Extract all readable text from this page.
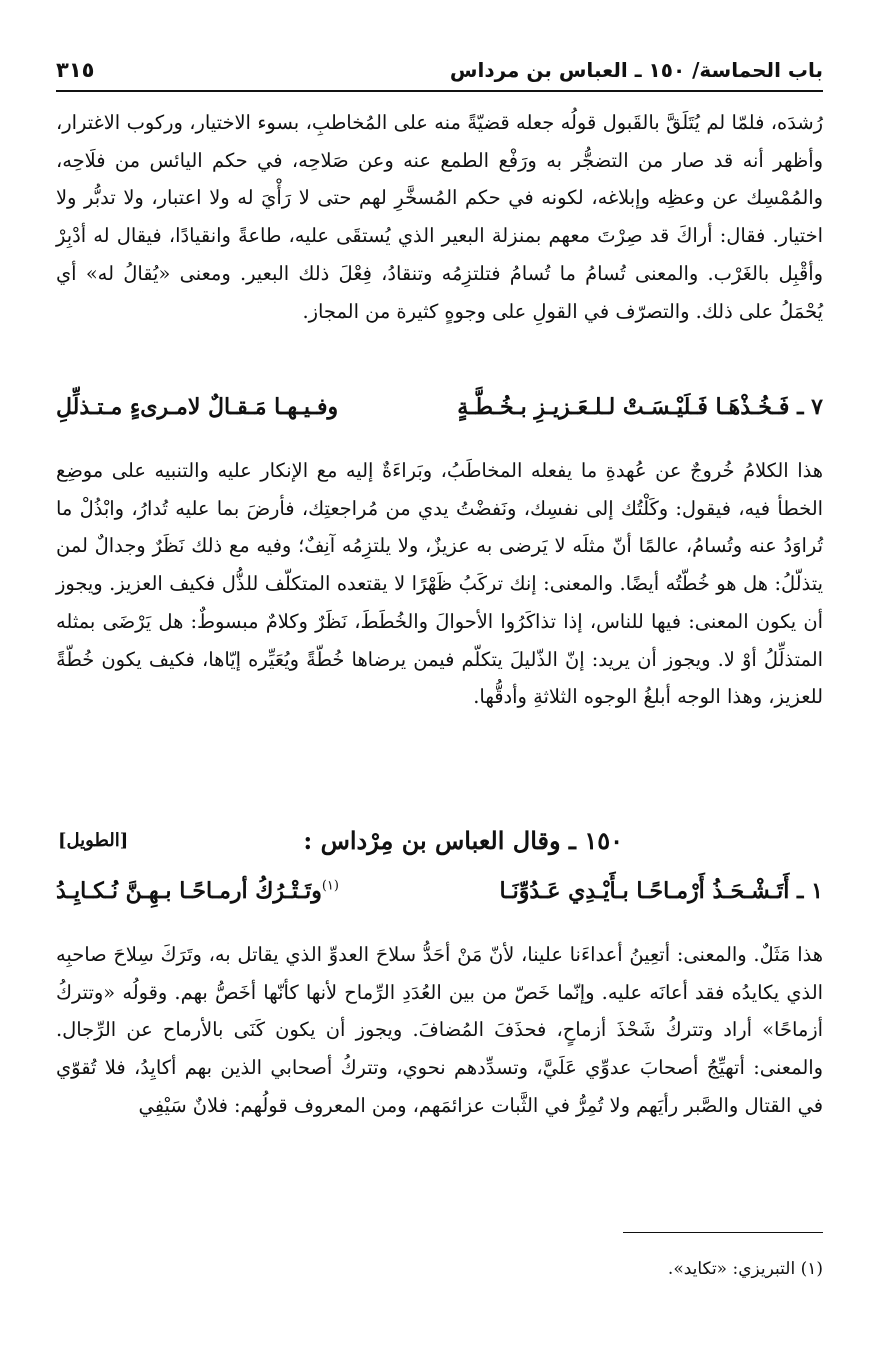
باب الحماسة/ ١٥٠ ـ العباس بن مرداس
٣١٥

رُشدَه، فلمّا لم يُتَلَقَّ بالقَبول قولُه جعله قضيّةً منه على المُخاطبِ، بسوء الاختيار، وركوب الاغترار، وأظهر أنه قد صار من التضجُّر به ورَفْع الطمع عنه وعن صَلاحِه، في حكم اليائس من فلَاحِه، والمُمْسِك عن وعظِه وإبلاغه، لكونه في حكم المُسخَّرِ لهم حتى لا رَأْيَ له ولا اعتبار، ولا تدبُّر ولا اختيار. فقال: أراكَ قد صِرْتَ معهم بمنزلة البعير الذي يُستقَى عليه، طاعةً وانقيادًا، فيقال له أدْبِرْ وأقْبِل بالغَرْب. والمعنى تُسامُ ما تُسامُ فتلتزِمُه وتنقادُ، فِعْلَ ذلك البعير. ومعنى «يُقالُ له» أي يُحْمَلُ على ذلك. والتصرّف في القولِ على وجوهٍ كثيرة من المجاز.

٧ ـ فَـخُـذْهَـا فَـلَيْـسَـتْ لـلـعَـزيـزِ بـخُـطَّـةٍ
وفـيـهـا مَـقـالٌ لامـرىءٍ مـتـذلِّلِ

هذا الكلامُ خُروجٌ عن عُهدةِ ما يفعله المخاطَبُ، وبَراءَةٌ إليه مع الإنكار عليه والتنبيه على موضِع الخطأ فيه، فيقول: وكَلْتُك إلى نفسِك، ونَفضْتُ يدي من مُراجعتِك، فأرضَ بما عليه تُدارُ، وابْذُلْ ما تُراوَدُ عنه وتُسامُ، عالمًا أنّ مثلَه لا يَرضى به عزيزٌ، ولا يلتزِمُه آنِفٌ؛ وفيه مع ذلك نَظَرٌ وجدالٌ لمن يتذلّلُ: هل هو خُطّتُه أيضًا. والمعنى: إنك تركَبُ ظَهْرًا لا يقتعده المتكلّف للذُّل فكيف العزيز. ويجوز أن يكون المعنى: فيها للناس، إذا تذاكَرُوا الأحوالَ والخُطَطَ، نَظَرٌ وكلامٌ مبسوطٌ: هل يَرْضَى بمثله المتذلِّلُ أوْ لا. ويجوز أن يريد: إنّ الذّليلَ يتكلّم فيمن يرضاها خُطّةً ويُعَيِّره إيّاها، فكيف يكون خُطّةً للعزيز، وهذا الوجه أبلغُ الوجوه الثلاثةِ وأدقُّها.

١٥٠ ـ وقال العباس بن مِرْداس :
[الطويل]
١ ـ أَتَـشْـحَـذُ أَرْمـاحًـا بـأَيْـدِي عَـدُوِّنَـا
$^{(١)}$وتَـتْـرُكُ أرمـاحًـا بـهِـنَّ نُـكـايِـدُ

هذا مَثَلٌ. والمعنى: أتعِينُ أعداءَنا علينا، لأنّ مَنْ أحَدُّ سلاحَ العدوِّ الذي يقاتل به، وتَرَكَ سِلاحَ صاحبِه الذي يكايدُه فقد أعانَه عليه. وإنّما خَصّ من بين العُدَدِ الرِّماح لأنها كأنّها أخَصُّ بهم. وقولُه «وتتركُ أزماحًا» أراد وتتركُ شَحْذَ أزماحٍ، فحذَفَ المُضافَ. ويجوز أن يكون كَنَى بالأرماح عن الرِّجال. والمعنى: أتهيِّجُ أصحابَ عدوِّي عَلَيَّ، وتسدِّدهم نحوي، وتتركُ أصحابي الذين بهم أكايِدُ، فلا تُقوّي في القتال والصَّبر رأيَهم ولا تُمِرُّ في الثَّبات عزائمَهم، ومن المعروف قولُهم: فلانٌ سَيْفِي

(١) التبريزي: «تكايد».
